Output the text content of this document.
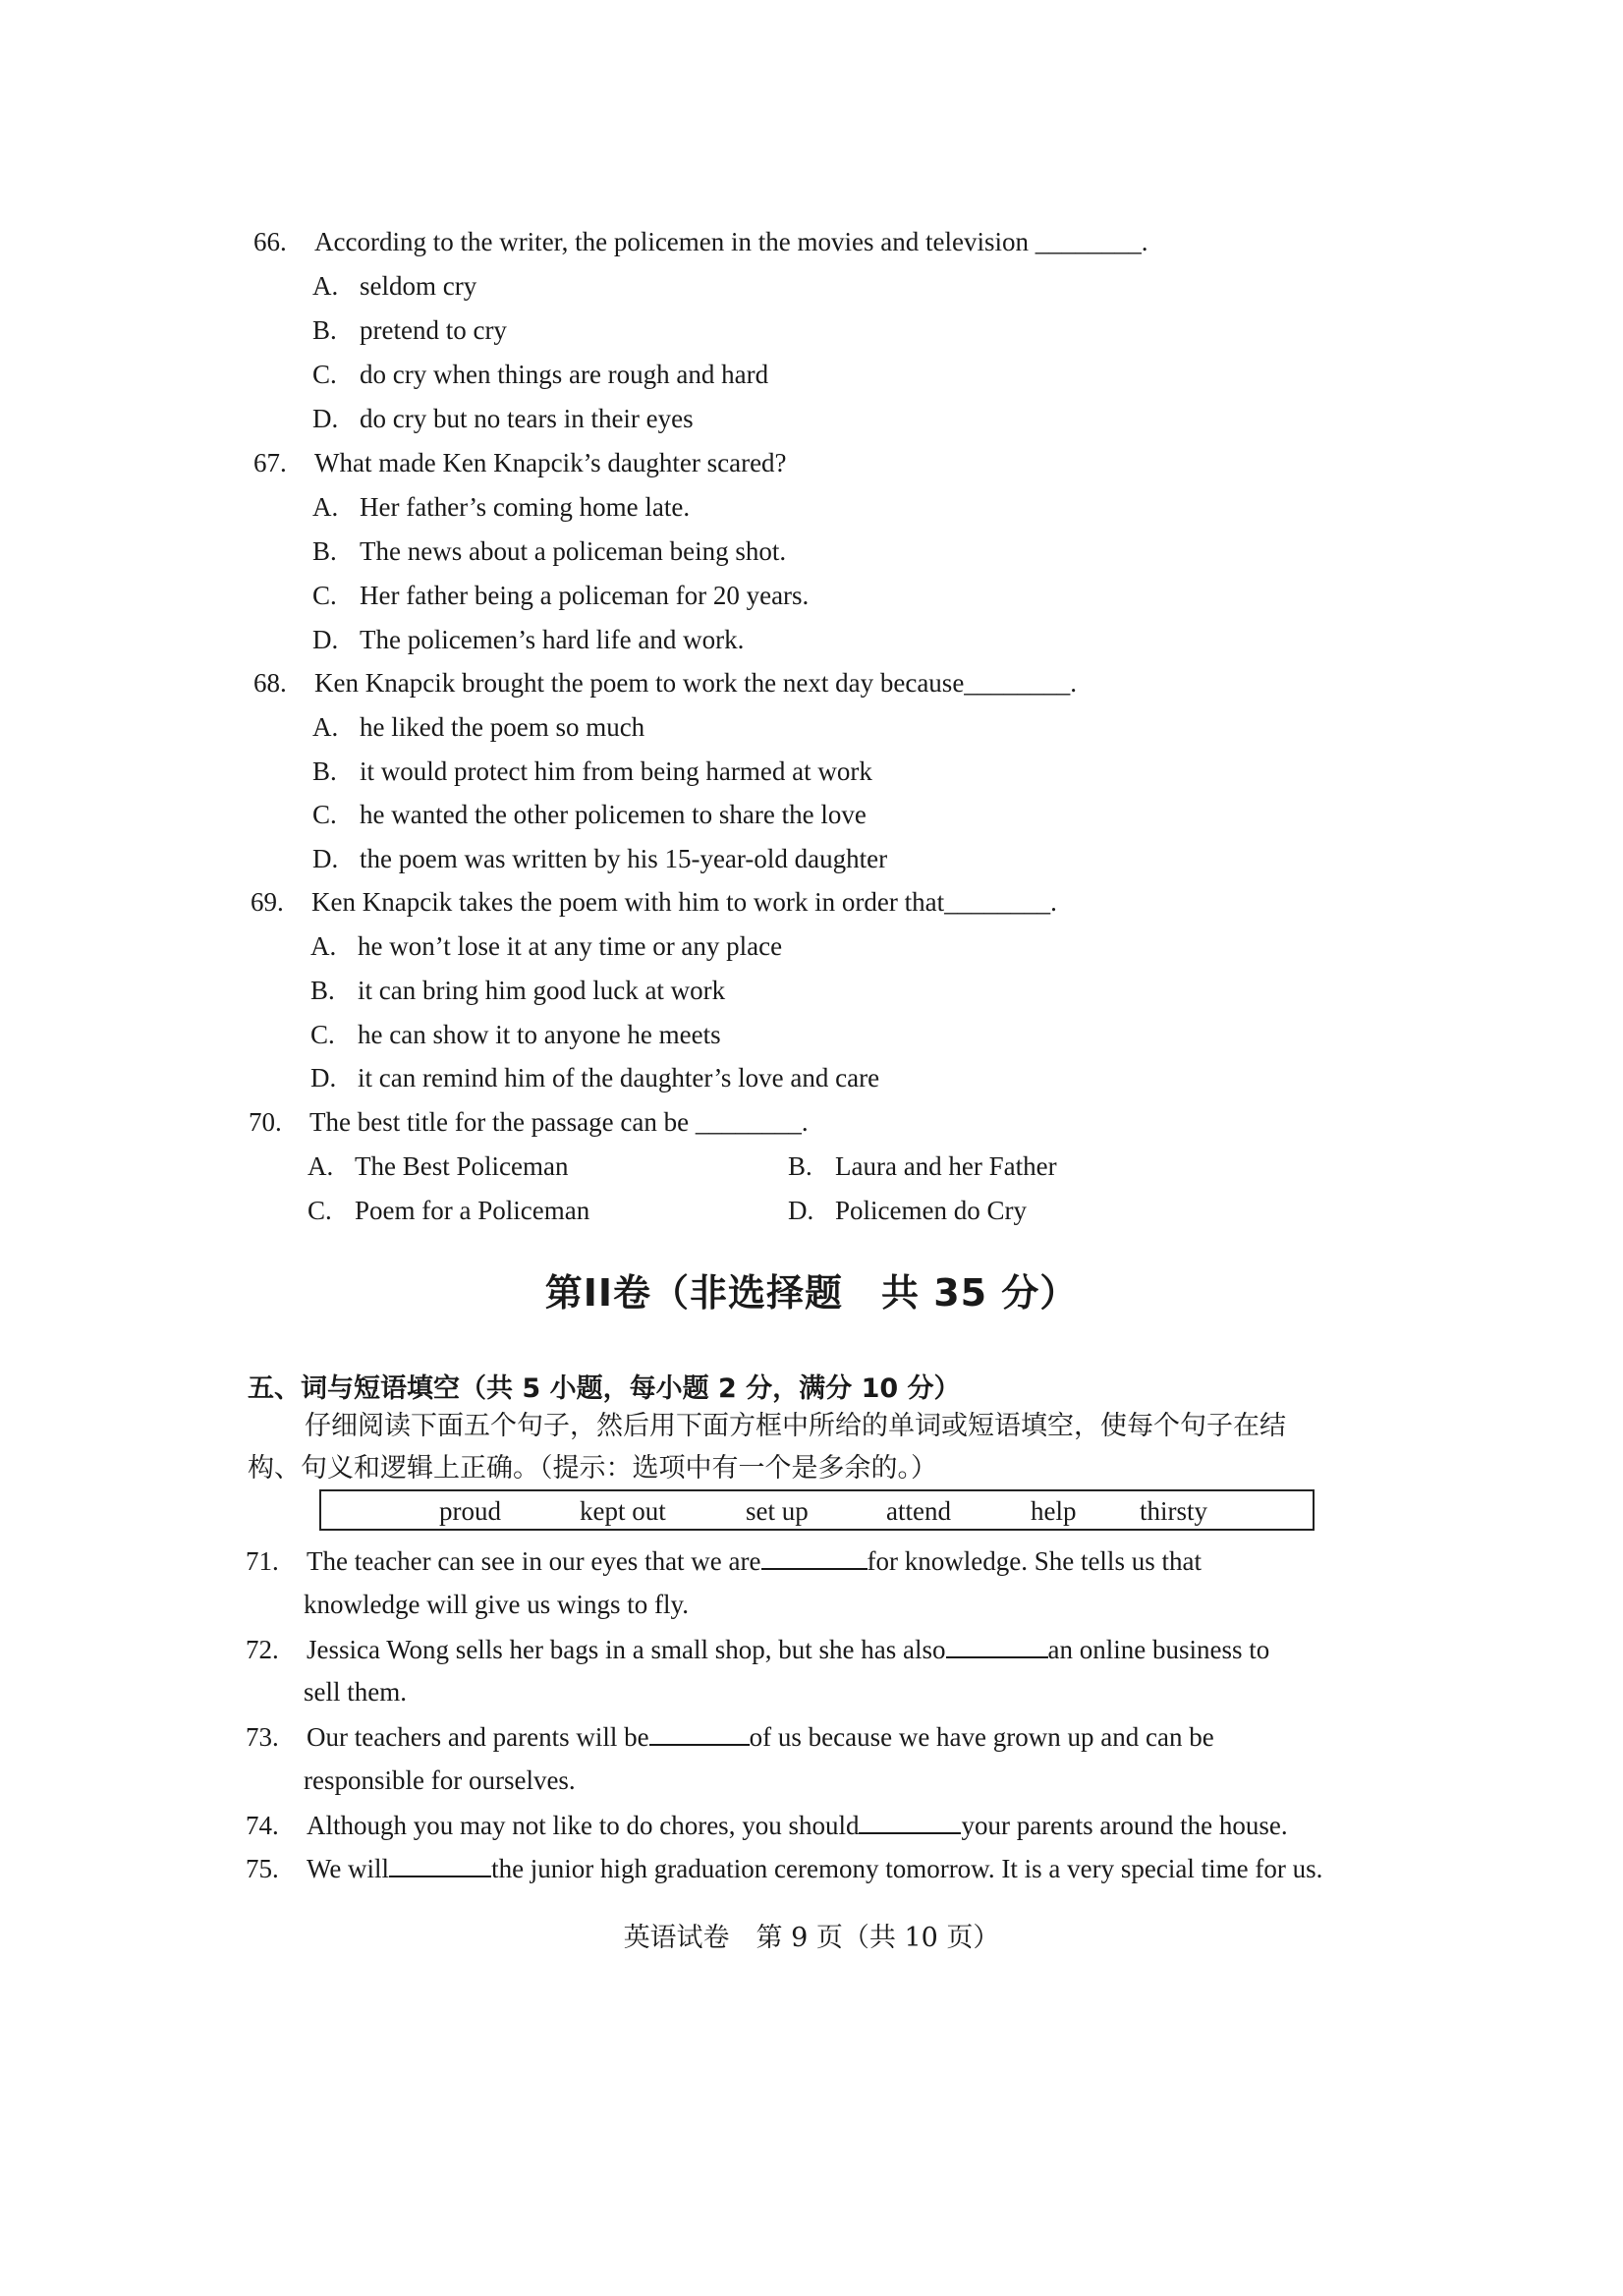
66. According to the writer, the policemen in the movies and television ________.
A. seldom cry
B. pretend to cry
C. do cry when things are rough and hard
D. do cry but no tears in their eyes
67. What made Ken Knapcik’s daughter scared?
A. Her father’s coming home late.
B. The news about a policeman being shot.
C. Her father being a policeman for 20 years.
D. The policemen’s hard life and work.
68. Ken Knapcik brought the poem to work the next day because________.
A. he liked the poem so much
B. it would protect him from being harmed at work
C. he wanted the other policemen to share the love
D. the poem was written by his 15-year-old daughter
69. Ken Knapcik takes the poem with him to work in order that________.
A. he won’t lose it at any time or any place
B. it can bring him good luck at work
C. he can show it to anyone he meets
D. it can remind him of the daughter’s love and care
70. The best title for the passage can be ________.
A. The Best Policeman	B. Laura and her Father
C. Poem for a Policeman	D. Policemen do Cry
第II卷（非选择题　共 35 分）
五、词与短语填空（共 5 小题，每小题 2 分，满分 10 分）
仔细阅读下面五个句子，然后用下面方框中所给的单词或短语填空，使每个句子在结
构、句义和逻辑上正确。（提示：选项中有一个是多余的。）
proud	kept out	set up	attend	help thirsty
71. The teacher can see in our eyes that we are	for knowledge. She tells us that
knowledge will give us wings to fly.
72. Jessica Wong sells her bags in a small shop, but she has also	an online business to
sell them.
73. Our teachers and parents will be	of us because we have grown up and can be
responsible for ourselves.
74. Although you may not like to do chores, you should	your parents around the house.
75. We will	the junior high graduation ceremony tomorrow. It is a very special time for us.
英语试卷　第 9 页（共 10 页）
